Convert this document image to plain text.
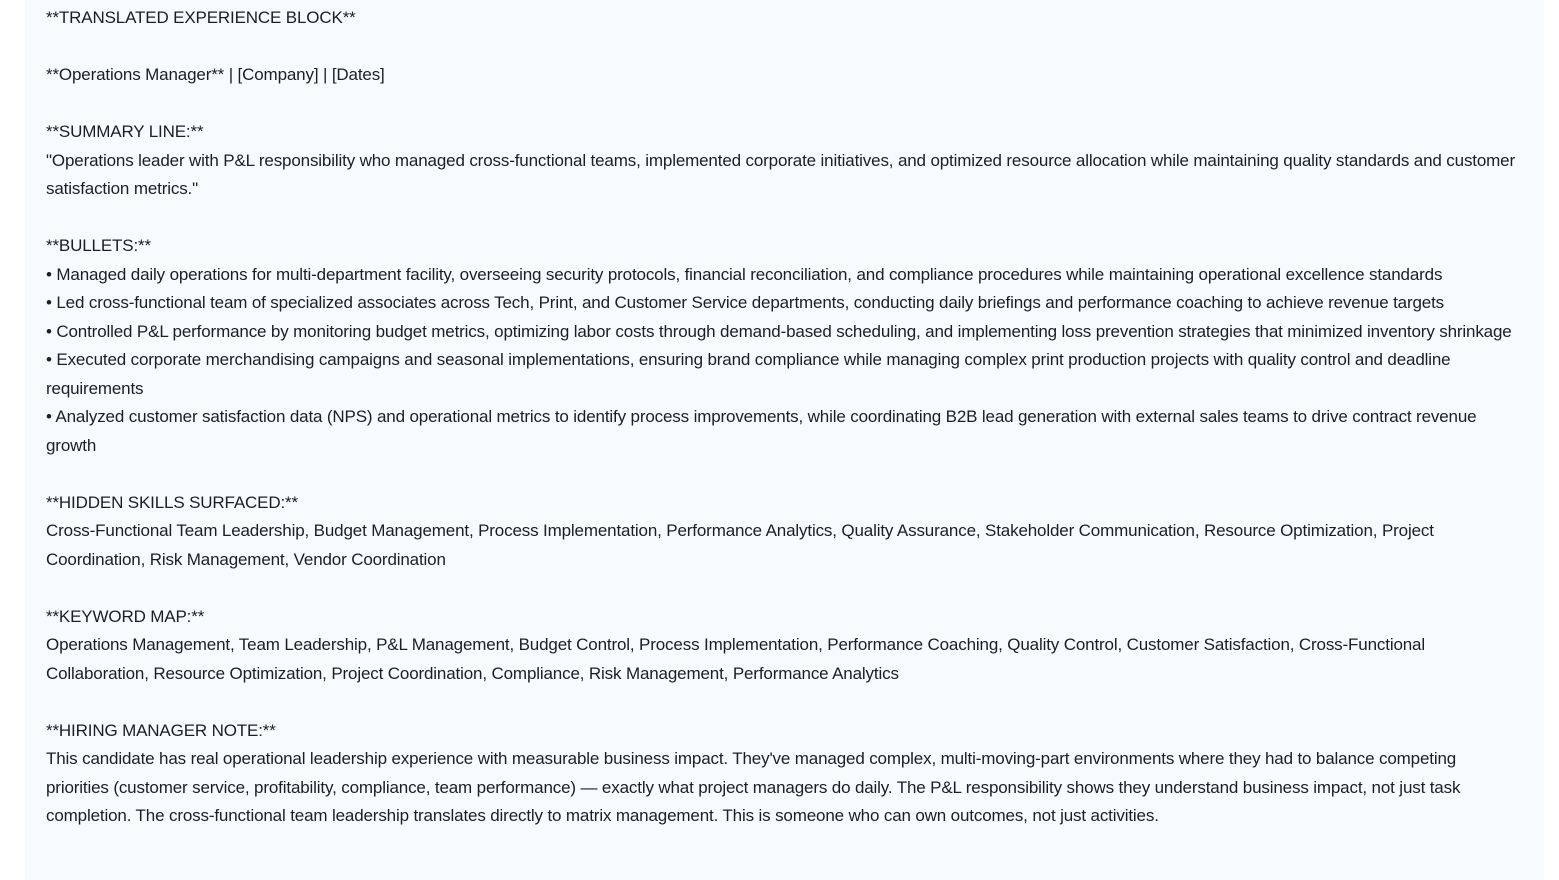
**TRANSLATED EXPERIENCE BLOCK**
**Operations Manager** | [Company] | [Dates]
**SUMMARY LINE:**
"Operations leader with P&L responsibility who managed cross-functional teams, implemented corporate initiatives, and optimized resource allocation while maintaining quality standards and customer satisfaction metrics."
**BULLETS:**
• Managed daily operations for multi-department facility, overseeing security protocols, financial reconciliation, and compliance procedures while maintaining operational excellence standards
• Led cross-functional team of specialized associates across Tech, Print, and Customer Service departments, conducting daily briefings and performance coaching to achieve revenue targets
• Controlled P&L performance by monitoring budget metrics, optimizing labor costs through demand-based scheduling, and implementing loss prevention strategies that minimized inventory shrinkage
• Executed corporate merchandising campaigns and seasonal implementations, ensuring brand compliance while managing complex print production projects with quality control and deadline requirements
• Analyzed customer satisfaction data (NPS) and operational metrics to identify process improvements, while coordinating B2B lead generation with external sales teams to drive contract revenue growth
**HIDDEN SKILLS SURFACED:**
Cross-Functional Team Leadership, Budget Management, Process Implementation, Performance Analytics, Quality Assurance, Stakeholder Communication, Resource Optimization, Project Coordination, Risk Management, Vendor Coordination
**KEYWORD MAP:**
Operations Management, Team Leadership, P&L Management, Budget Control, Process Implementation, Performance Coaching, Quality Control, Customer Satisfaction, Cross-Functional Collaboration, Resource Optimization, Project Coordination, Compliance, Risk Management, Performance Analytics
**HIRING MANAGER NOTE:**
This candidate has real operational leadership experience with measurable business impact. They've managed complex, multi-moving-part environments where they had to balance competing priorities (customer service, profitability, compliance, team performance) — exactly what project managers do daily. The P&L responsibility shows they understand business impact, not just task completion. The cross-functional team leadership translates directly to matrix management. This is someone who can own outcomes, not just activities.
